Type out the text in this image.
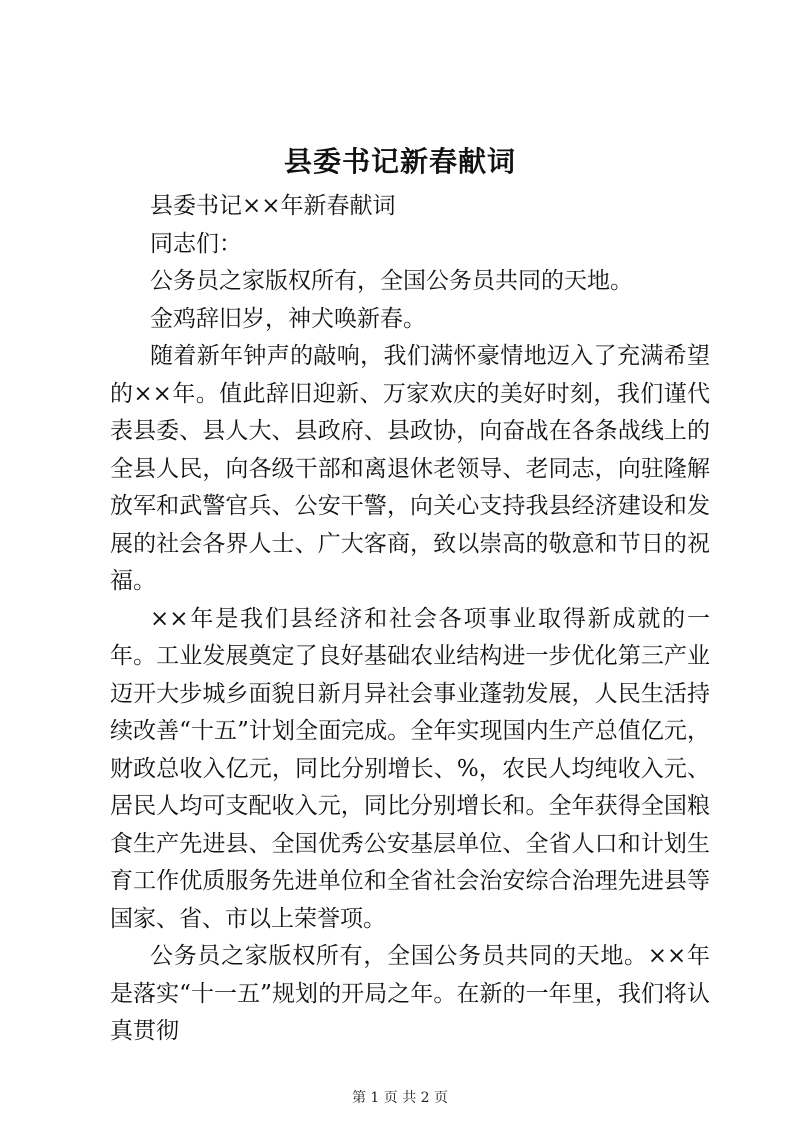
县委书记新春献词

县委书记××年新春献词

同志们：

公务员之家版权所有，全国公务员共同的天地。

金鸡辞旧岁，神犬唤新春。

随着新年钟声的敲响，我们满怀豪情地迈入了充满希望的××年。值此辞旧迎新、万家欢庆的美好时刻，我们谨代表县委、县人大、县政府、县政协，向奋战在各条战线上的全县人民，向各级干部和离退休老领导、老同志，向驻隆解放军和武警官兵、公安干警，向关心支持我县经济建设和发展的社会各界人士、广大客商，致以崇高的敬意和节日的祝福。

××年是我们县经济和社会各项事业取得新成就的一年。工业发展奠定了良好基础农业结构进一步优化第三产业迈开大步城乡面貌日新月异社会事业蓬勃发展，人民生活持续改善“十五”计划全面完成。全年实现国内生产总值亿元，财政总收入亿元，同比分别增长、%，农民人均纯收入元、居民人均可支配收入元，同比分别增长和。全年获得全国粮食生产先进县、全国优秀公安基层单位、全省人口和计划生育工作优质服务先进单位和全省社会治安综合治理先进县等国家、省、市以上荣誉项。

公务员之家版权所有，全国公务员共同的天地。××年是落实“十一五”规划的开局之年。在新的一年里，我们将认真贯彻

第 1 页 共 2 页
